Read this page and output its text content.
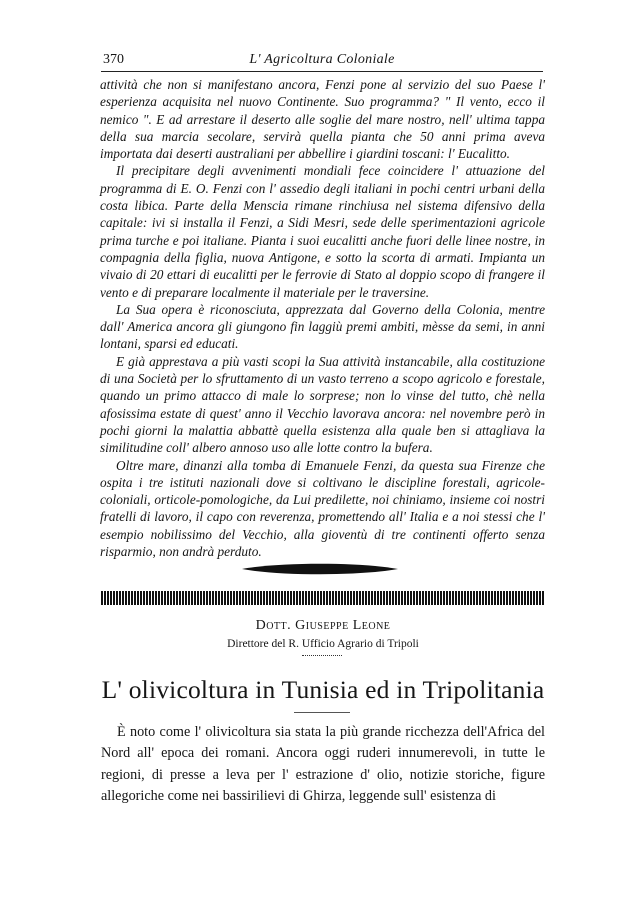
370	L' Agricoltura Coloniale

attività che non si manifestano ancora, Fenzi pone al servizio del suo Paese l' esperienza acquisita nel nuovo Continente. Suo programma? " Il vento, ecco il nemico ". E ad arrestare il deserto alle soglie del mare nostro, nell' ultima tappa della sua marcia secolare, servirà quella pianta che 50 anni prima aveva importata dai deserti australiani per abbellire i giardini toscani: l' Eucalitto.

Il precipitare degli avvenimenti mondiali fece coincidere l' attuazione del programma di E. O. Fenzi con l' assedio degli italiani in pochi centri urbani della costa libica. Parte della Menscia rimane rinchiusa nel sistema difensivo della capitale: ivi si installa il Fenzi, a Sidi Mesri, sede delle sperimentazioni agricole prima turche e poi italiane. Pianta i suoi eucalitti anche fuori delle linee nostre, in compagnia della figlia, nuova Antigone, e sotto la scorta di armati. Impianta un vivaio di 20 ettari di eucalitti per le ferrovie di Stato al doppio scopo di frangere il vento e di preparare localmente il materiale per le traversine.

La Sua opera è riconosciuta, apprezzata dal Governo della Colonia, mentre dall' America ancora gli giungono fin laggiù premi ambiti, mèsse da semi, in anni lontani, sparsi ed educati.

E già apprestava a più vasti scopi la Sua attività instancabile, alla costituzione di una Società per lo sfruttamento di un vasto terreno a scopo agricolo e forestale, quando un primo attacco di male lo sorprese; non lo vinse del tutto, chè nella afosissima estate di quest' anno il Vecchio lavorava ancora: nel novembre però in pochi giorni la malattia abbattè quella esistenza alla quale ben si attagliava la similitudine coll' albero annoso uso alle lotte contro la bufera.

Oltre mare, dinanzi alla tomba di Emanuele Fenzi, da questa sua Firenze che ospita i tre istituti nazionali dove si coltivano le discipline forestali, agricole-coloniali, orticole-pomologiche, da Lui predilette, noi chiniamo, insieme coi nostri fratelli di lavoro, il capo con reverenza, promettendo all' Italia e a noi stessi che l' esempio nobilissimo del Vecchio, alla gioventù di tre continenti offerto senza risparmio, non andrà perduto.

Dott. Giuseppe Leone
Direttore del R. Ufficio Agrario di Tripoli
L' olivicoltura in Tunisia ed in Tripolitania

È noto come l' olivicoltura sia stata la più grande ricchezza dell'Africa del Nord all' epoca dei romani. Ancora oggi ruderi innumerevoli, in tutte le regioni, di presse a leva per l' estrazione d' olio, notizie storiche, figure allegoriche come nei bassirilievi di Ghirza, leggende sull' esistenza di
